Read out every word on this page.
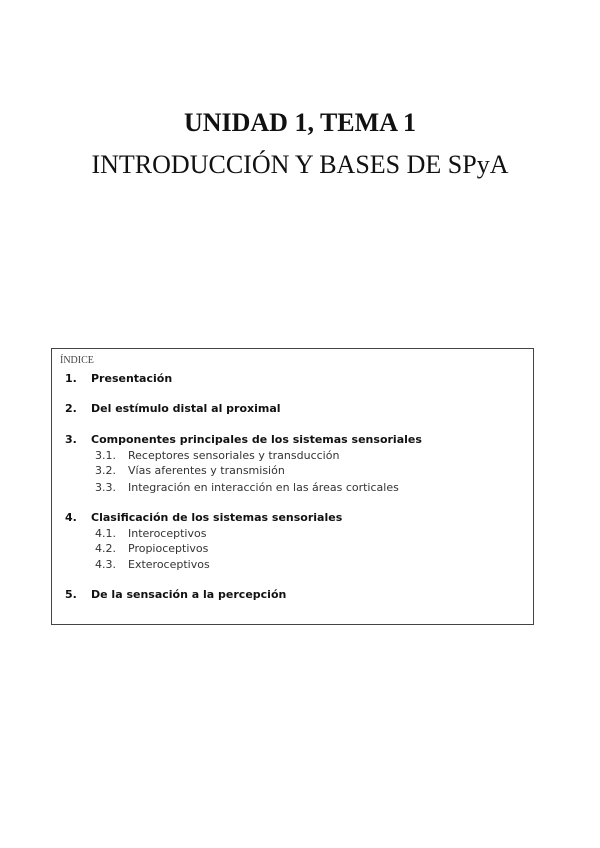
UNIDAD 1, TEMA 1
INTRODUCCIÓN Y BASES DE SPyA
ÍNDICE
1. Presentación
2. Del estímulo distal al proximal
3. Componentes principales de los sistemas sensoriales
3.1. Receptores sensoriales y transducción
3.2. Vías aferentes y transmisión
3.3. Integración en interacción en las áreas corticales
4. Clasificación de los sistemas sensoriales
4.1. Interoceptivos
4.2. Propioceptivos
4.3. Exteroceptivos
5. De la sensación a la percepción
